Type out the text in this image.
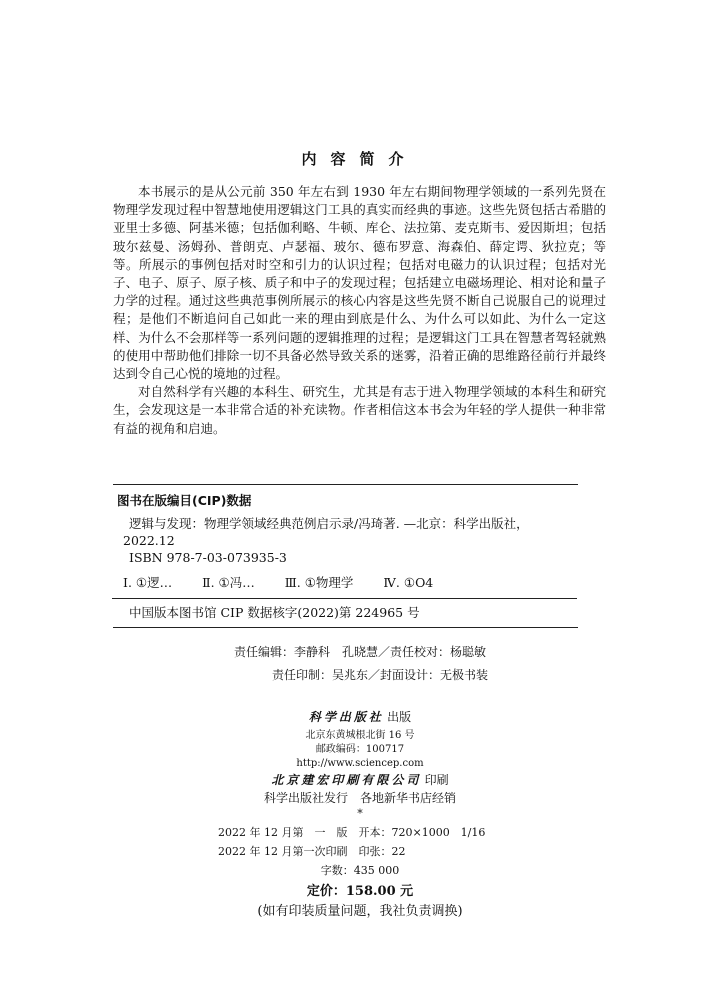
内容简介

本书展示的是从公元前 350 年左右到 1930 年左右期间物理学领域的一系列先贤在物理学发现过程中智慧地使用逻辑这门工具的真实而经典的事迹。这些先贤包括古希腊的亚里士多德、阿基米德；包括伽利略、牛顿、库仑、法拉第、麦克斯韦、爱因斯坦；包括玻尔兹曼、汤姆孙、普朗克、卢瑟福、玻尔、德布罗意、海森伯、薛定谔、狄拉克；等等。所展示的事例包括对时空和引力的认识过程；包括对电磁力的认识过程；包括对光子、电子、原子、原子核、质子和中子的发现过程；包括建立电磁场理论、相对论和量子力学的过程。通过这些典范事例所展示的核心内容是这些先贤不断自己说服自己的说理过程；是他们不断追问自己如此一来的理由到底是什么、为什么可以如此、为什么一定这样、为什么不会那样等一系列问题的逻辑推理的过程；是逻辑这门工具在智慧者驾轻就熟的使用中帮助他们排除一切不具备必然导致关系的迷雾，沿着正确的思维路径前行并最终达到令自己心悦的境地的过程。

对自然科学有兴趣的本科生、研究生，尤其是有志于进入物理学领域的本科生和研究生，会发现这是一本非常合适的补充读物。作者相信这本书会为年轻的学人提供一种非常有益的视角和启迪。

图书在版编目(CIP)数据

逻辑与发现：物理学领域经典范例启示录/冯琦著. —北京：科学出版社，

2022.12

ISBN 978-7-03-073935-3

Ⅰ. ①逻… Ⅱ. ①冯… Ⅲ. ①物理学 Ⅳ. ①O4

中国版本图书馆 CIP 数据核字(2022)第 224965 号

责任编辑：李静科　孔晓慧／责任校对：杨聪敏
责任印制：吴兆东／封面设计：无极书装

科学出版社 出版

北京东黄城根北街 16 号

邮政编码：100717

http://www.sciencep.com

北京建宏印刷有限公司 印刷

科学出版社发行　各地新华书店经销

*

2022 年 12 月第　一　版　开本：720×1000　1/16
2022 年 12 月第一次印刷　印张：22
字数：435 000
定价：158.00 元
(如有印装质量问题，我社负责调换)
